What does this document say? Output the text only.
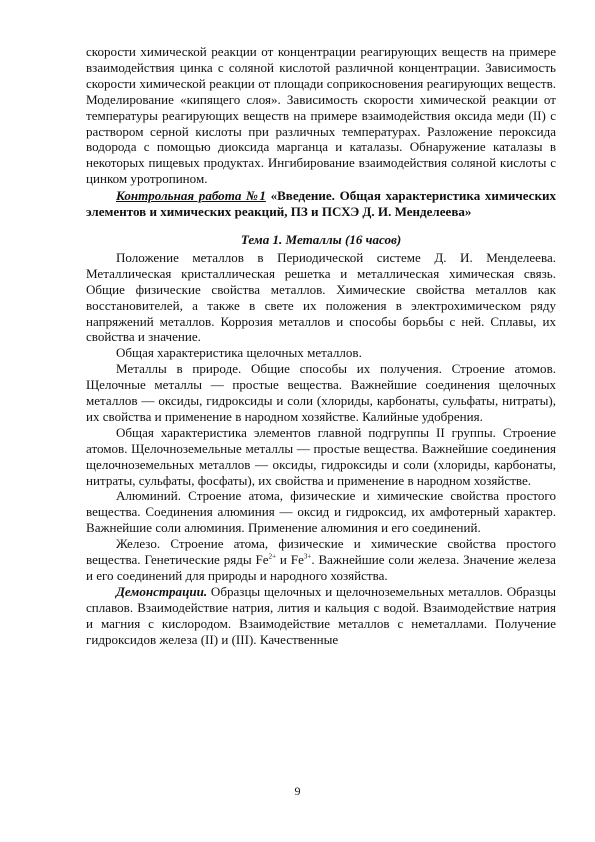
скорости химической реакции от концентрации реагирующих веществ на примере взаимодействия цинка с соляной кислотой различной концентрации. Зависимость скорости химической реакции от площади соприкосновения реагирующих веществ. Моделирование «кипящего слоя». Зависимость скорости химической реакции от температуры реагирующих веществ на примере взаимодействия оксида меди (II) с раствором серной кислоты при различных температурах. Разложение пероксида водорода с помощью диоксида марганца и каталазы. Обнаружение каталазы в некоторых пищевых продуктах. Ингибирование взаимодействия соляной кислоты с цинком уротропином.

Контрольная работа №1 «Введение. Общая характеристика химических элементов и химических реакций, ПЗ и ПСХЭ Д. И. Менделеева»

Тема 1. Металлы (16 часов)

Положение металлов в Периодической системе Д. И. Менделеева. Металлическая кристаллическая решетка и металлическая химическая связь. Общие физические свойства металлов. Химические свойства металлов как восстановителей, а также в свете их положения в электрохимическом ряду напряжений металлов. Коррозия металлов и способы борьбы с ней. Сплавы, их свойства и значение.

Общая характеристика щелочных металлов.

Металлы в природе. Общие способы их получения. Строение атомов. Щелочные металлы — простые вещества. Важнейшие соединения щелочных металлов — оксиды, гидроксиды и соли (хлориды, карбонаты, сульфаты, нитраты), их свойства и применение в народном хозяйстве. Калийные удобрения.

Общая характеристика элементов главной подгруппы II группы. Строение атомов. Щелочноземельные металлы — простые вещества. Важнейшие соединения щелочноземельных металлов — оксиды, гидроксиды и соли (хлориды, карбонаты, нитраты, сульфаты, фосфаты), их свойства и применение в народном хозяйстве.

Алюминий. Строение атома, физические и химические свойства простого вещества. Соединения алюминия — оксид и гидроксид, их амфотерный характер. Важнейшие соли алюминия. Применение алюминия и его соединений.

Железо. Строение атома, физические и химические свойства простого вещества. Генетические ряды $Fe^{2+}$ и $Fe^{3+}$. Важнейшие соли железа. Значение железа и его соединений для природы и народного хозяйства.

Демонстрации. Образцы щелочных и щелочноземельных металлов. Образцы сплавов. Взаимодействие натрия, лития и кальция с водой. Взаимодействие натрия и магния с кислородом. Взаимодействие металлов с неметаллами. Получение гидроксидов железа (II) и (III). Качественные

9
